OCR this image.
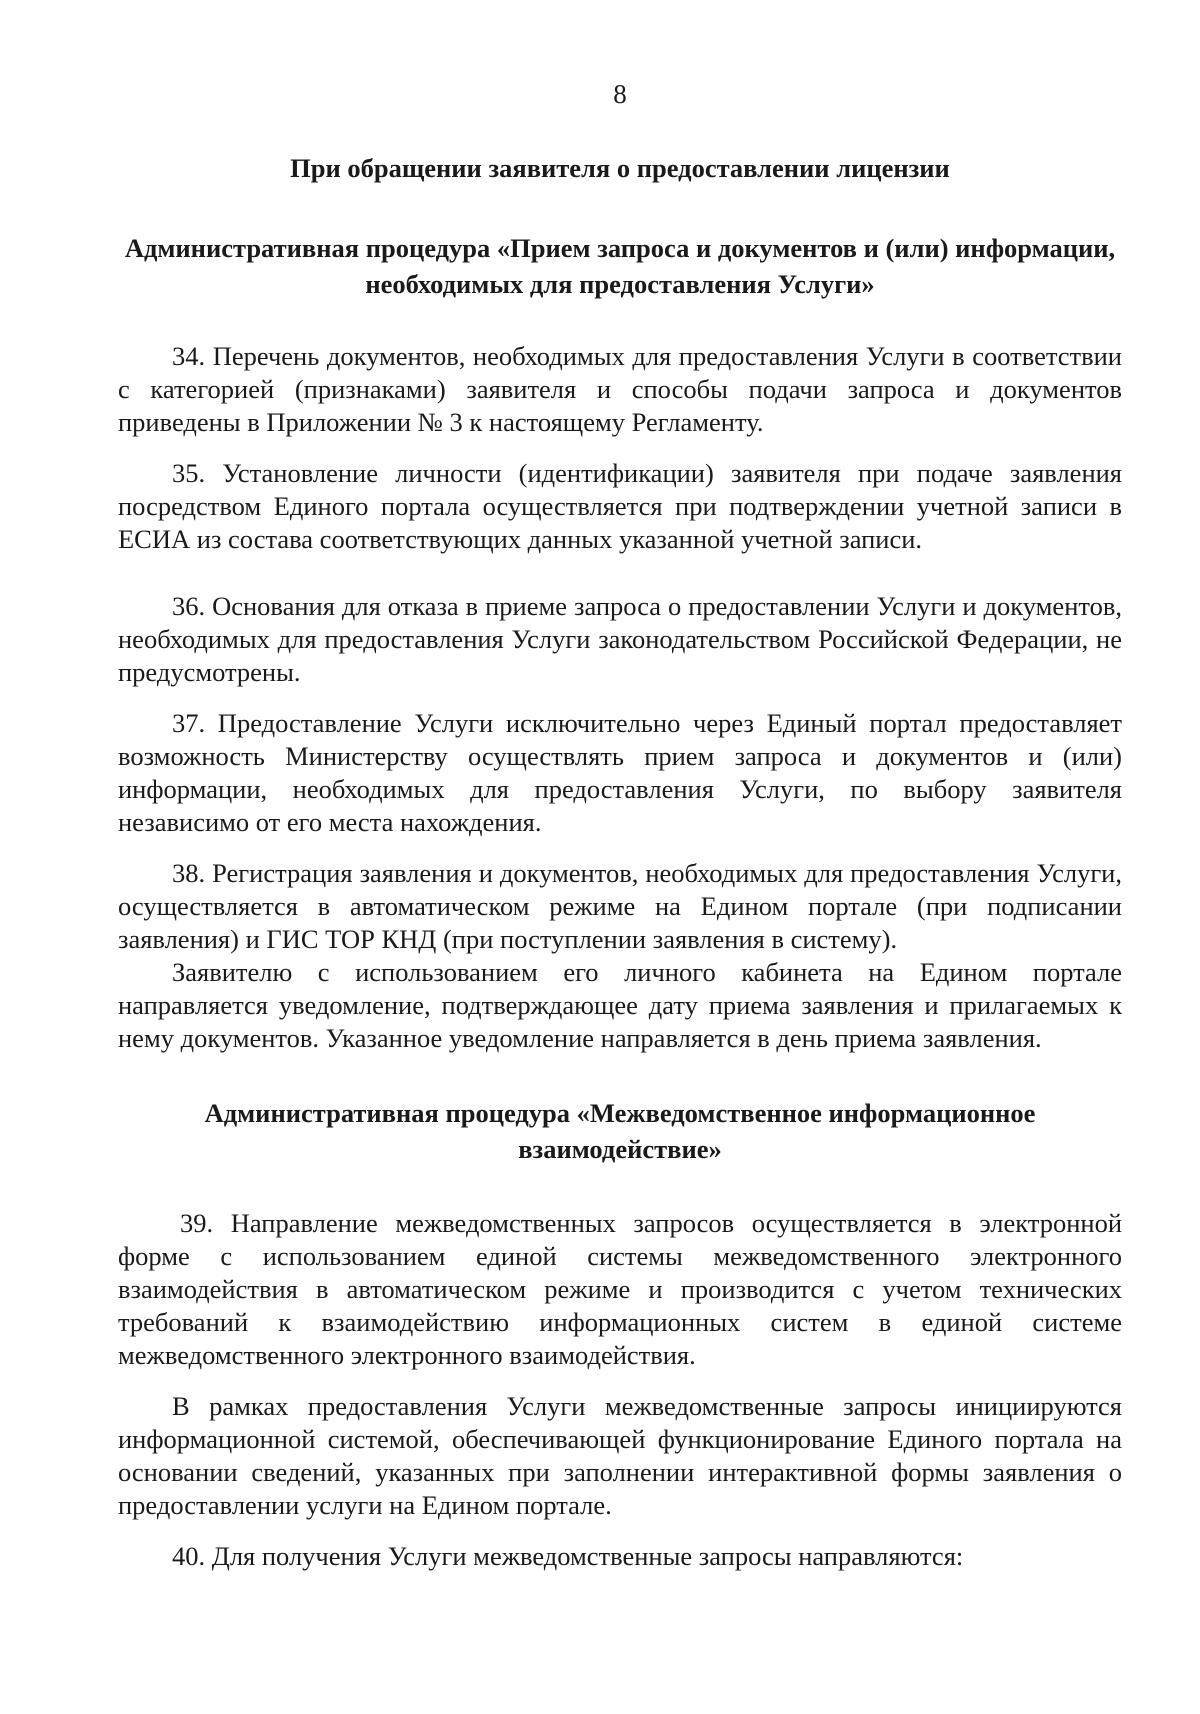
8
При обращении заявителя о предоставлении лицензии
Административная процедура «Прием запроса и документов и (или) информации, необходимых для предоставления Услуги»

34. Перечень документов, необходимых для предоставления Услуги в соответствии с категорией (признаками) заявителя и способы подачи запроса и документов приведены в Приложении № 3 к настоящему Регламенту.

35. Установление личности (идентификации) заявителя при подаче заявления посредством Единого портала осуществляется при подтверждении учетной записи в ЕСИА из состава соответствующих данных указанной учетной записи.

36. Основания для отказа в приеме запроса о предоставлении Услуги и документов, необходимых для предоставления Услуги законодательством Российской Федерации, не предусмотрены.

37. Предоставление Услуги исключительно через Единый портал предоставляет возможность Министерству осуществлять прием запроса и документов и (или) информации, необходимых для предоставления Услуги, по выбору заявителя независимо от его места нахождения.

38. Регистрация заявления и документов, необходимых для предоставления Услуги, осуществляется в автоматическом режиме на Едином портале (при подписании заявления) и ГИС ТОР КНД (при поступлении заявления в систему).

Заявителю с использованием его личного кабинета на Едином портале направляется уведомление, подтверждающее дату приема заявления и прилагаемых к нему документов. Указанное уведомление направляется в день приема заявления.

Административная процедура «Межведомственное информационное взаимодействие»

39. Направление межведомственных запросов осуществляется в электронной форме с использованием единой системы межведомственного электронного взаимодействия в автоматическом режиме и производится с учетом технических требований к взаимодействию информационных систем в единой системе межведомственного электронного взаимодействия.

В рамках предоставления Услуги межведомственные запросы инициируются информационной системой, обеспечивающей функционирование Единого портала на основании сведений, указанных при заполнении интерактивной формы заявления о предоставлении услуги на Едином портале.

40. Для получения Услуги межведомственные запросы направляются:
